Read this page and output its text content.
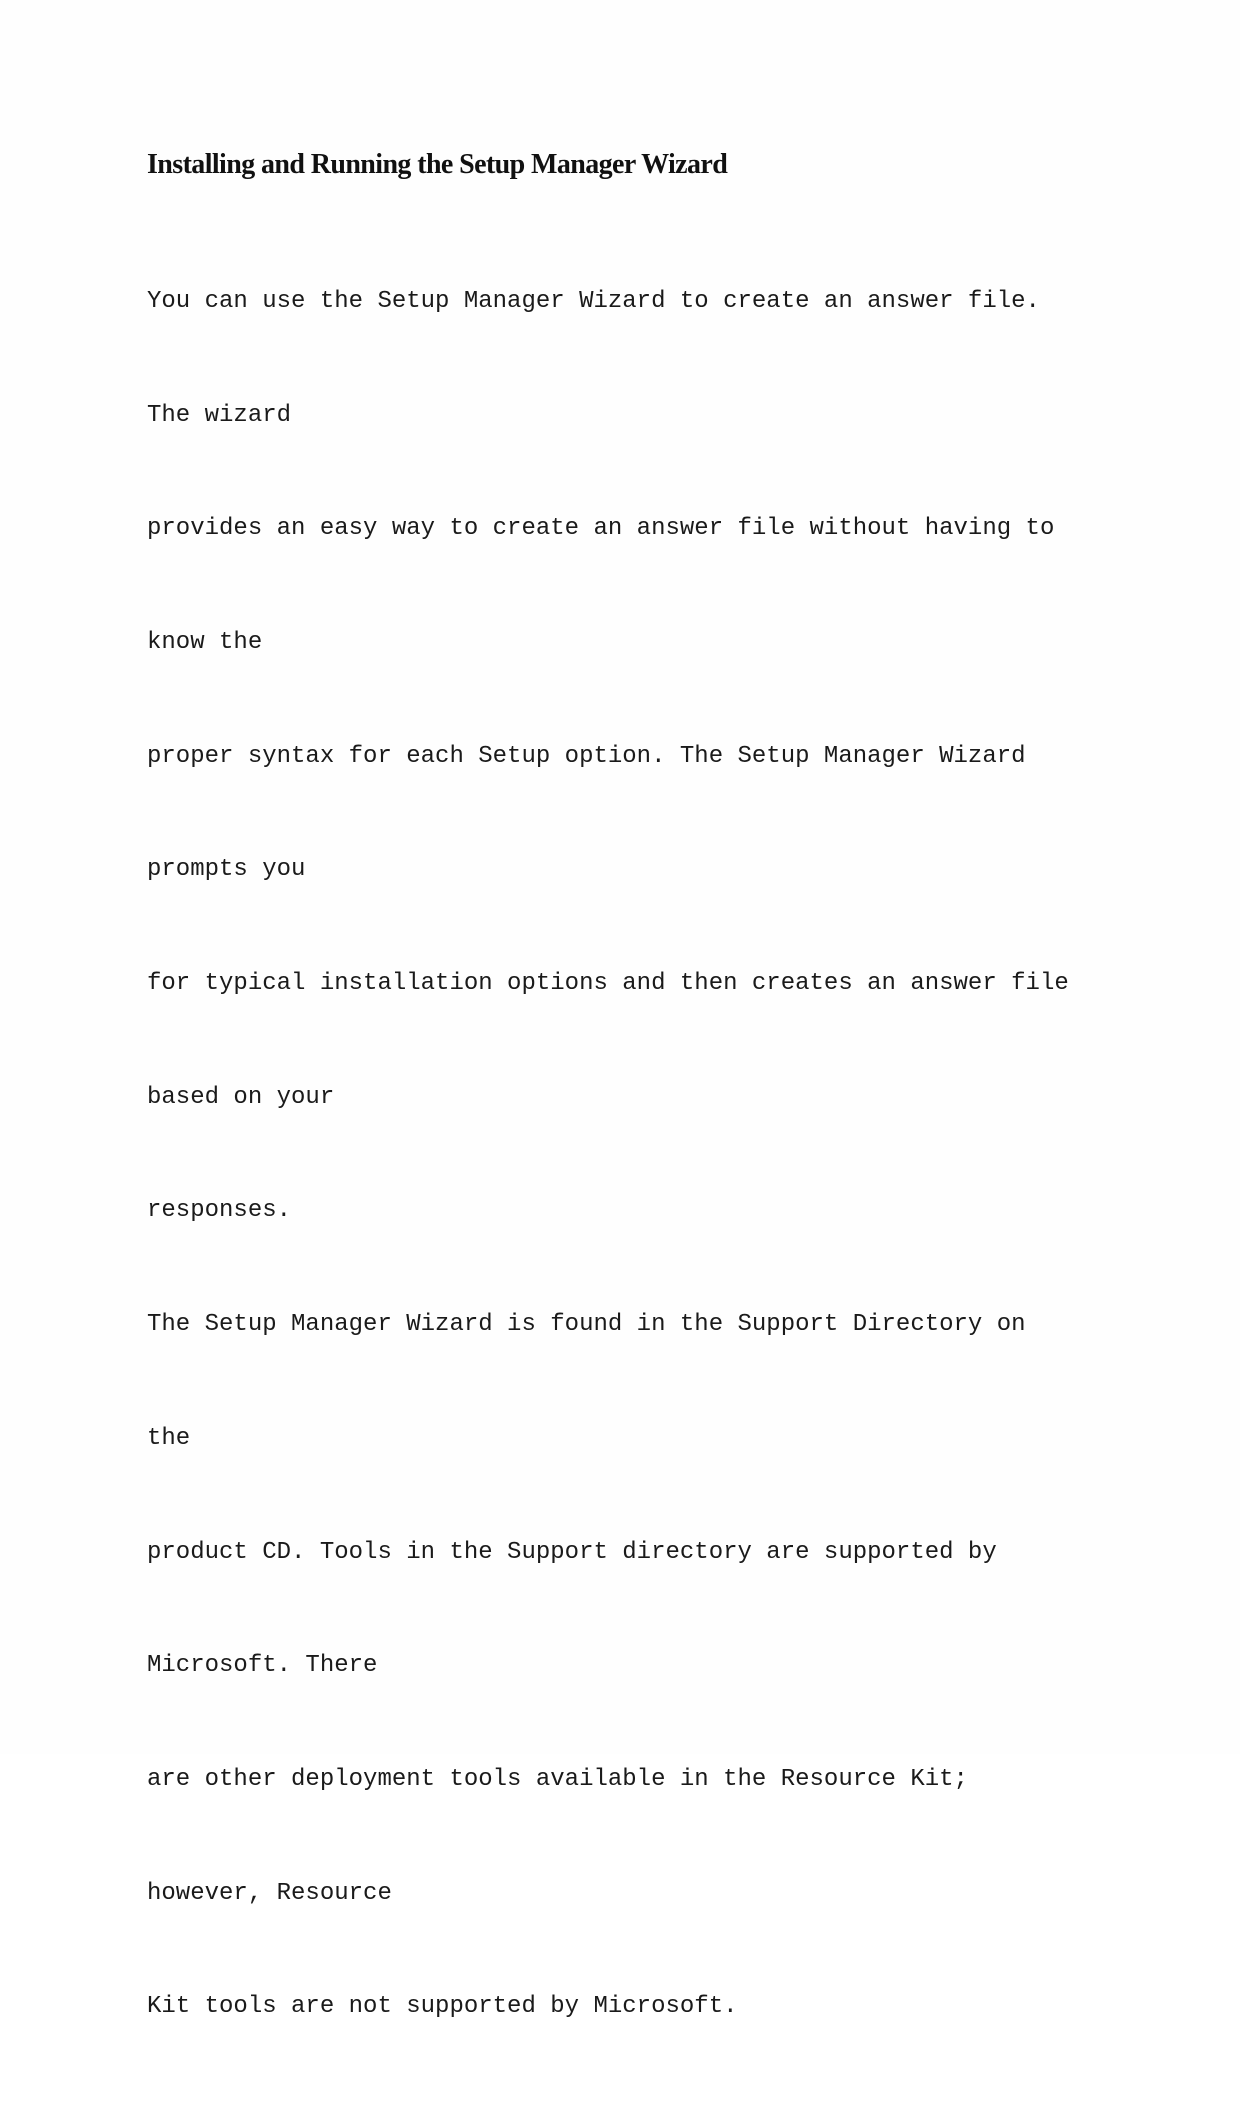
Installing and Running the Setup Manager Wizard

You can use the Setup Manager Wizard to create an answer file.

The wizard

provides an easy way to create an answer file without having to

know the

proper syntax for each Setup option. The Setup Manager Wizard

prompts you

for typical installation options and then creates an answer file

based on your

responses.

The Setup Manager Wizard is found in the Support Directory on

the

product CD. Tools in the Support directory are supported by

Microsoft. There

are other deployment tools available in the Resource Kit;

however, Resource

Kit tools are not supported by Microsoft.
